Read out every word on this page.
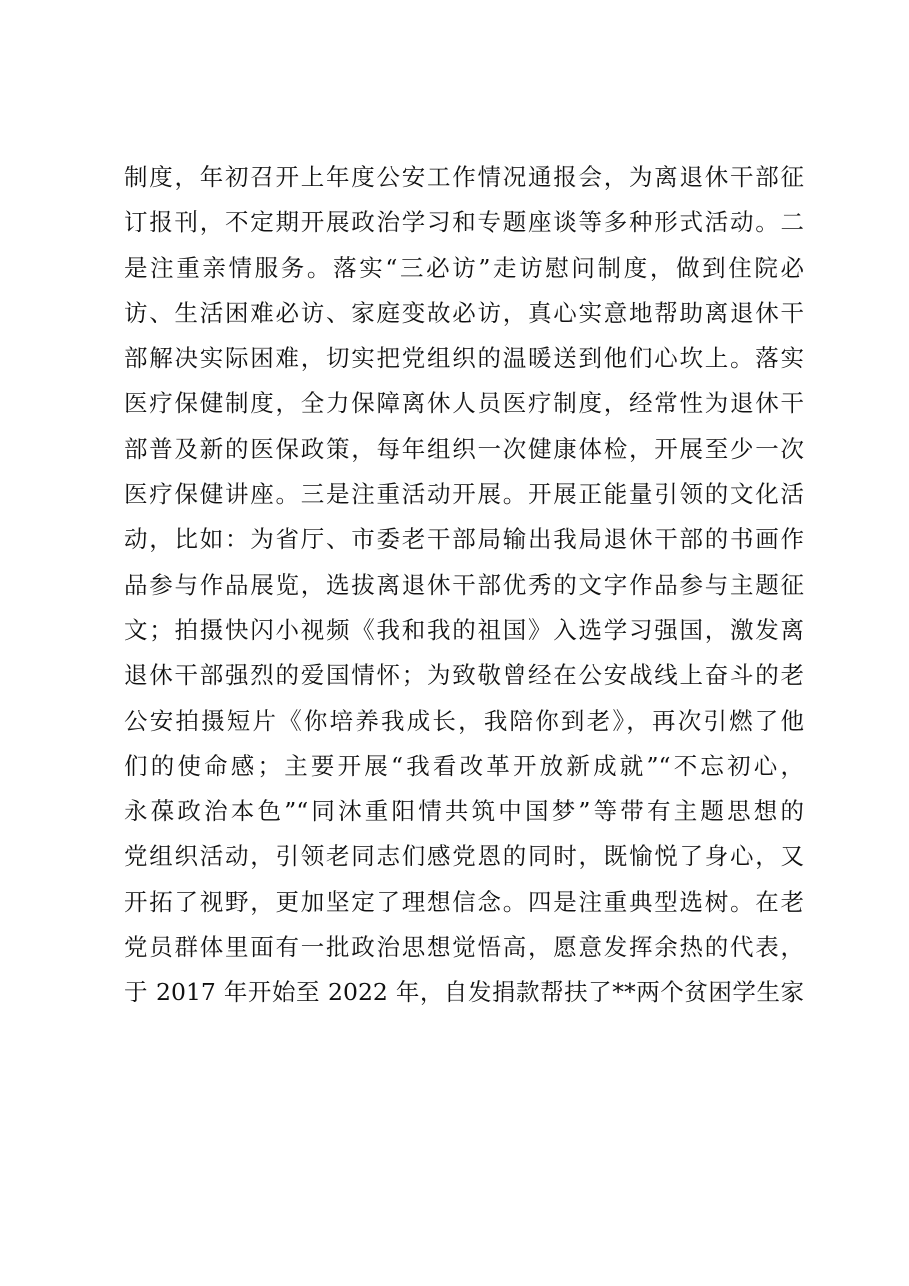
制度，年初召开上年度公安工作情况通报会，为离退休干部征
订报刊，不定期开展政治学习和专题座谈等多种形式活动。二
是注重亲情服务。落实“三必访”走访慰问制度，做到住院必
访、生活困难必访、家庭变故必访，真心实意地帮助离退休干
部解决实际困难，切实把党组织的温暖送到他们心坎上。落实
医疗保健制度，全力保障离休人员医疗制度，经常性为退休干
部普及新的医保政策，每年组织一次健康体检，开展至少一次
医疗保健讲座。三是注重活动开展。开展正能量引领的文化活
动，比如：为省厅、市委老干部局输出我局退休干部的书画作
品参与作品展览，选拔离退休干部优秀的文字作品参与主题征
文；拍摄快闪小视频《我和我的祖国》入选学习强国，激发离
退休干部强烈的爱国情怀；为致敬曾经在公安战线上奋斗的老
公安拍摄短片《你培养我成长，我陪你到老》，再次引燃了他
们的使命感；主要开展“我看改革开放新成就”“不忘初心，
永葆政治本色”“同沐重阳情共筑中国梦”等带有主题思想的
党组织活动，引领老同志们感党恩的同时，既愉悦了身心，又
开拓了视野，更加坚定了理想信念。四是注重典型选树。在老
党员群体里面有一批政治思想觉悟高，愿意发挥余热的代表，
于 2017 年开始至 2022 年，自发捐款帮扶了**两个贫困学生家
